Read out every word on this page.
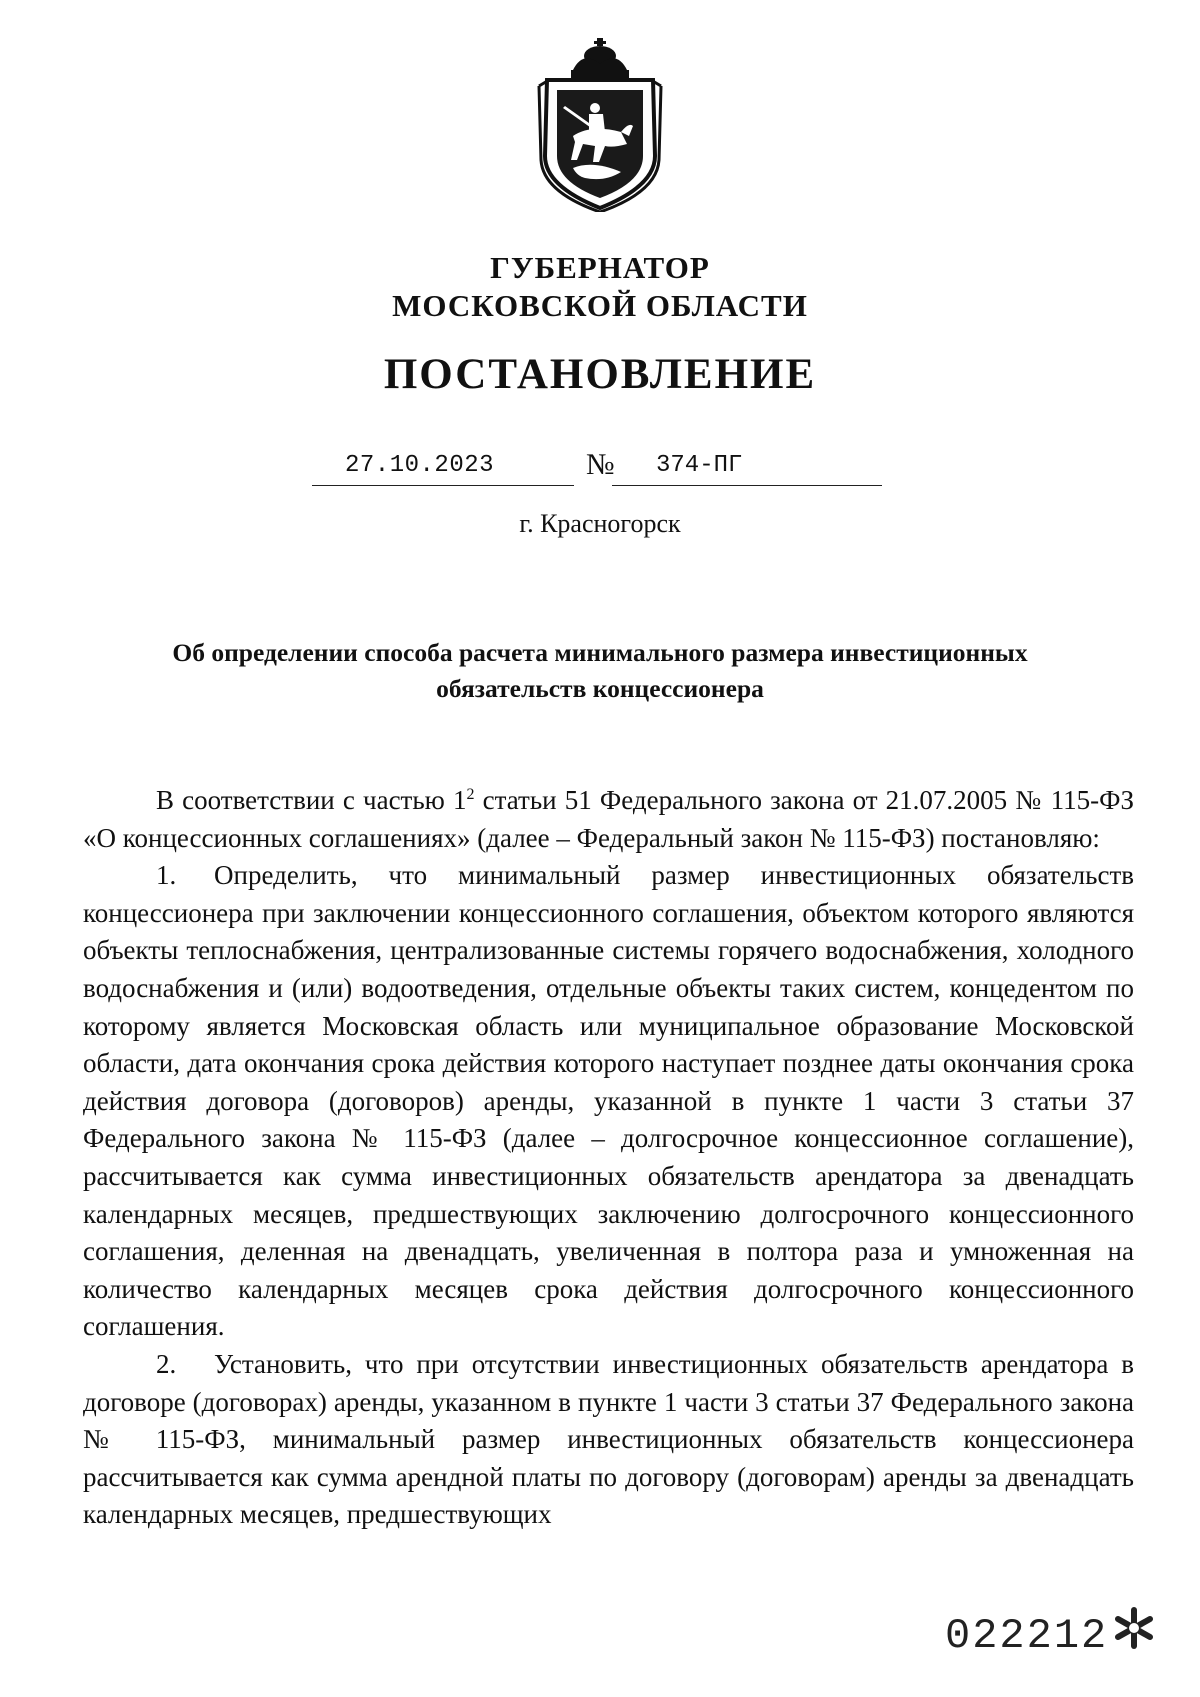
ГУБЕРНАТОР
МОСКОВСКОЙ ОБЛАСТИ
ПОСТАНОВЛЕНИЕ
27.10.2023	№ 374-ПГ
г. Красногорск
Об определении способа расчета минимального размера инвестиционных
обязательств концессионера

В соответствии с частью $1^2$ статьи 51 Федерального закона от 21.07.2005 № 115-ФЗ «О концессионных соглашениях» (далее – Федеральный закон № 115-ФЗ) постановляю:

1. Определить, что минимальный размер инвестиционных обязательств концессионера при заключении концессионного соглашения, объектом которого являются объекты теплоснабжения, централизованные системы горячего водоснабжения, холодного водоснабжения и (или) водоотведения, отдельные объекты таких систем, концедентом по которому является Московская область или муниципальное образование Московской области, дата окончания срока действия которого наступает позднее даты окончания срока действия договора (договоров) аренды, указанной в пункте 1 части 3 статьи 37 Федерального закона № 115-ФЗ (далее – долгосрочное концессионное соглашение), рассчитывается как сумма инвестиционных обязательств арендатора за двенадцать календарных месяцев, предшествующих заключению долгосрочного концессионного соглашения, деленная на двенадцать, увеличенная в полтора раза и умноженная на количество календарных месяцев срока действия долгосрочного концессионного соглашения.

2. Установить, что при отсутствии инвестиционных обязательств арендатора в договоре (договорах) аренды, указанном в пункте 1 части 3 статьи 37 Федерального закона № 115-ФЗ, минимальный размер инвестиционных обязательств концессионера рассчитывается как сумма арендной платы по договору (договорам) аренды за двенадцать календарных месяцев, предшествующих

022212
